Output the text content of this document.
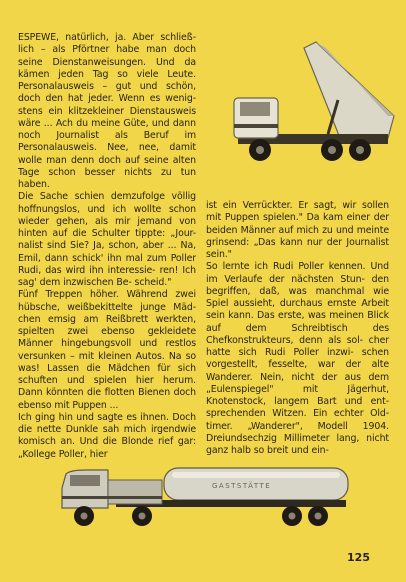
ESPEWE, natürlich, ja. Aber schließ- lich – als Pförtner habe man doch seine Dienstanweisungen. Und da kämen jeden Tag so viele Leute. Personalausweis – gut und schön, doch den hat jeder. Wenn es wenig- stens ein klitzekleiner Dienstausweis wäre ... Ach du meine Güte, und dann noch Journalist als Beruf im Personalausweis. Nee, nee, damit wolle man denn doch auf seine alten Tage schon besser nichts zu tun haben.

Die Sache schien demzufolge völlig hoffnungslos, und ich wollte schon wieder gehen, als mir jemand von hinten auf die Schulter tippte: „Jour- nalist sind Sie? Ja, schon, aber ... Na, Emil, dann schick' ihn mal zum Poller Rudi, das wird ihn interessie- ren! Ich sag' dem inzwischen Be- scheid."

Fünf Treppen höher. Während zwei hübsche, weißbekittelte junge Mäd- chen emsig am Reißbrett werkten, spielten zwei ebenso gekleidete Männer hingebungsvoll und restlos versunken – mit kleinen Autos. Na so was! Lassen die Mädchen für sich schuften und spielen hier herum. Dann könnten die flotten Bienen doch ebenso mit Puppen ...

Ich ging hin und sagte es ihnen. Doch die nette Dunkle sah mich irgendwie komisch an. Und die Blonde rief gar: „Kollege Poller, hier

ist ein Verrückter. Er sagt, wir sollen mit Puppen spielen." Da kam einer der beiden Männer auf mich zu und meinte grinsend: „Das kann nur der Journalist sein."

So lernte ich Rudi Poller kennen. Und im Verlaufe der nächsten Stun- den begriffen, daß, was manchmal wie Spiel aussieht, durchaus ernste Arbeit sein kann. Das erste, was meinen Blick auf dem Schreibtisch des Chefkonstrukteurs, denn als sol- cher hatte sich Rudi Poller inzwi- schen vorgestellt, fesselte, war der alte Wanderer. Nein, nicht der aus dem „Eulenspiegel" mit Jägerhut, Knotenstock, langem Bart und ent- sprechenden Witzen. Ein echter Old- timer. „Wanderer", Modell 1904. Dreiundsechzig Millimeter lang, nicht ganz halb so breit und ein-

GASTSTÄTTE
125
